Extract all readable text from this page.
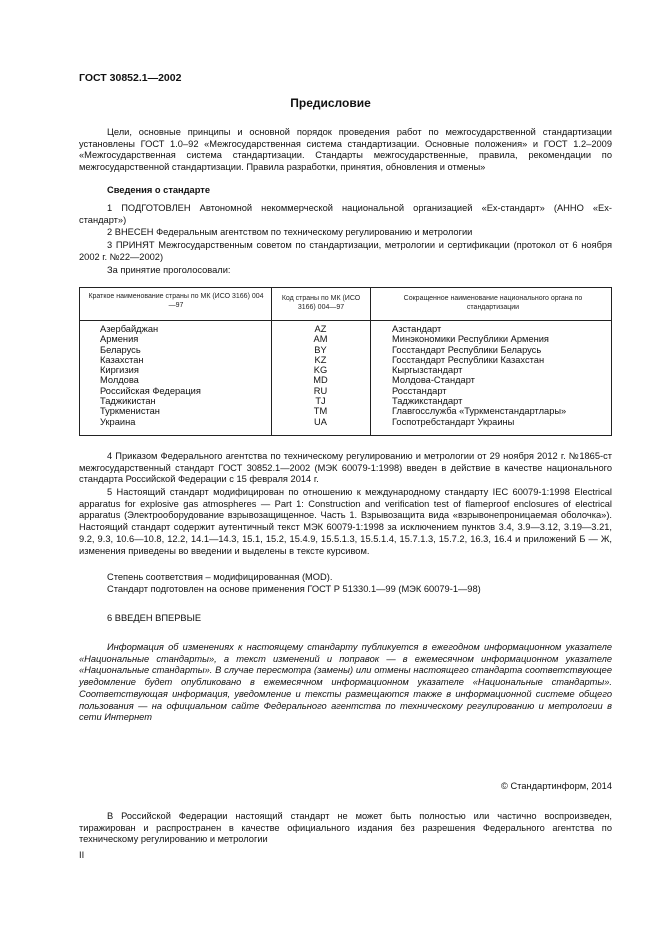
ГОСТ 30852.1—2002
Предисловие
Цели, основные принципы и основной порядок проведения работ по межгосударственной стандартизации установлены ГОСТ 1.0–92 «Межгосударственная система стандартизации. Основные положения» и ГОСТ 1.2–2009 «Межгосударственная система стандартизации. Стандарты межгосударственные, правила, рекомендации по межгосударственной стандартизации. Правила разработки, принятия, обновления и отмены»
Сведения о стандарте
1 ПОДГОТОВЛЕН Автономной некоммерческой национальной организацией «Ех-стандарт» (АННО «Ех-стандарт»)
2 ВНЕСЕН Федеральным агентством по техническому регулированию и метрологии
3 ПРИНЯТ Межгосударственным советом по стандартизации, метрологии и сертификации (протокол от 6 ноября 2002 г. №22—2002)
За принятие проголосовали:
Краткое наименование страны по МК (ИСО 3166) 004—97
Код страны по МК (ИСО 3166) 004—97
Сокращенное наименование национального органа по стандартизации
Азербайджан
Армения
Беларусь
Казахстан
Киргизия
Молдова
Российская Федерация
Таджикистан
Туркменистан
Украина
AZ
AM
BY
KZ
KG
MD
RU
TJ
TM
UA
Азстандарт
Минэкономики Республики Армения
Госстандарт Республики Беларусь
Госстандарт Республики Казахстан
Кыргызстандарт
Молдова-Стандарт
Росстандарт
Таджикстандарт
Главгосслужба «Туркменстандартлары»
Госпотребстандарт Украины
4 Приказом Федерального агентства по техническому регулированию и метрологии от 29 ноября 2012 г. №1865-ст межгосударственный стандарт ГОСТ 30852.1—2002 (МЭК 60079-1:1998) введен в действие в качестве национального стандарта Российской Федерации с 15 февраля 2014 г.
5 Настоящий стандарт модифицирован по отношению к международному стандарту IEC 60079-1:1998 Electrical apparatus for explosive gas atmospheres — Part 1: Construction and verification test of flameproof enclosures of electrical apparatus (Электрооборудование взрывозащищенное. Часть 1. Взрывозащита вида «взрывонепроницаемая оболочка»). Настоящий стандарт содержит аутентичный текст МЭК 60079-1:1998 за исключением пунктов 3.4, 3.9—3.12, 3.19—3.21, 9.2, 9.3, 10.6—10.8, 12.2, 14.1—14.3, 15.1, 15.2, 15.4.9, 15.5.1.3, 15.5.1.4, 15.7.1.3, 15.7.2, 16.3, 16.4 и приложений Б — Ж, изменения приведены во введении и выделены в тексте курсивом.
Степень соответствия – модифицированная (MOD).
Стандарт подготовлен на основе применения ГОСТ Р 51330.1—99 (МЭК 60079-1—98)
6 ВВЕДЕН ВПЕРВЫЕ
Информация об изменениях к настоящему стандарту публикуется в ежегодном информационном указателе «Национальные стандарты», а текст изменений и поправок — в ежемесячном информационном указателе «Национальные стандарты». В случае пересмотра (замены) или отмены настоящего стандарта соответствующее уведомление будет опубликовано в ежемесячном информационном указателе «Национальные стандарты». Соответствующая информация, уведомление и тексты размещаются также в информационной системе общего пользования — на официальном сайте Федерального агентства по техническому регулированию и метрологии в сети Интернет
© Стандартинформ, 2014
В Российской Федерации настоящий стандарт не может быть полностью или частично воспроизведен, тиражирован и распространен в качестве официального издания без разрешения Федерального агентства по техническому регулированию и метрологии
II
